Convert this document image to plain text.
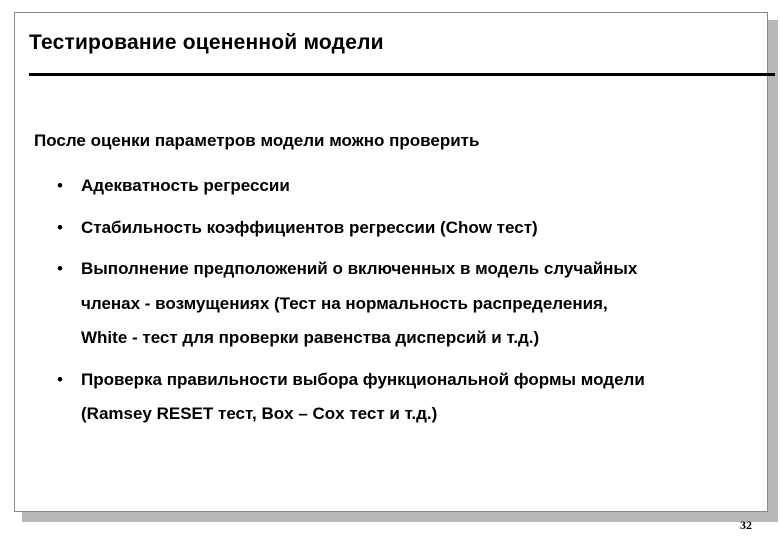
Тестирование оцененной модели
После оценки параметров модели можно проверить
• Адекватность регрессии
• Стабильность коэффициентов регрессии (Chow тест)
• Выполнение предположений о включенных в модель случайных
членах - возмущениях (Тест на нормальность распределения,
White - тест для проверки равенства дисперсий и т.д.)
• Проверка правильности выбора функциональной формы модели
(Ramsey RESET тест, Box – Cox тест и т.д.)
32
